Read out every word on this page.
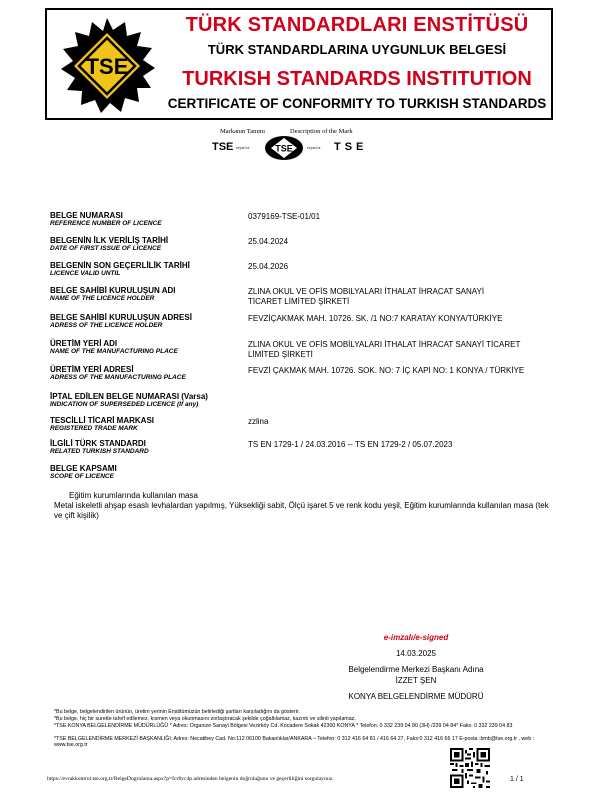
TSE
TÜRK STANDARDLARI ENSTİTÜSÜ
TÜRK STANDARDLARINA UYGUNLUK BELGESİ
TURKISH STANDARDS INSTITUTION
CERTIFICATE OF CONFORMITY TO TURKISH STANDARDS
Markanın Tanımı	Description of the Mark
TSE veya/or	TSE	veya/or TSE
BELGE NUMARASI
REFERENCE NUMBER OF LICENCE
0379169-TSE-01/01
BELGENİN İLK VERİLİŞ TARİHİ
DATE OF FIRST ISSUE OF LICENCE
25.04.2024
BELGENİN SON GEÇERLİLİK TARİHİ
LICENCE VALID UNTIL
25.04.2026
BELGE SAHİBİ KURULUŞUN ADI
NAME OF THE LICENCE HOLDER
ZLINA OKUL VE OFİS MOBILYALARI İTHALAT İHRACAT SANAYİ TİCARET LİMİTED ŞİRKETİ
BELGE SAHİBİ KURULUŞUN ADRESİ
ADRESS OF THE LICENCE HOLDER
FEVZİÇAKMAK MAH. 10726. SK. /1 NO:7 KARATAY KONYA/TÜRKİYE
ÜRETİM YERİ ADI
NAME OF THE MANUFACTURING PLACE
ZLINA OKUL VE OFİS MOBİLYALARI İTHALAT İHRACAT SANAYİ TİCARET LİMİTED ŞİRKETİ
ÜRETİM YERİ ADRESİ
ADRESS OF THE MANUFACTURING PLACE
FEVZİ ÇAKMAK MAH. 10726. SOK. NO: 7 İÇ KAPI NO: 1 KONYA / TÜRKİYE
İPTAL EDİLEN BELGE NUMARASI (Varsa)
INDICATION OF SUPERSEDED LICENCE (If any)
TESCİLLİ TİCARİ MARKASI
REGISTERED TRADE MARK
zzlina
İLGİLİ TÜRK STANDARDI
RELATED TURKISH STANDARD
TS EN 1729-1 / 24.03.2016 -- TS EN 1729-2 / 05.07.2023
BELGE KAPSAMI
SCOPE OF LICENCE
Eğitim kurumlarında kullanılan masa
Metal iskeletli ahşap esaslı levhalardan yapılmış, Yüksekliği sabit, Ölçü işaret 5 ve renk kodu yeşil, Eğitim kurumlarında kullanılan masa (tek ve çift kişilik)
e-imzalı/e-signed
14.03.2025
Belgelendirme Merkezi Başkanı Adına
İZZET ŞEN
KONYA BELGELENDİRME MÜDÜRÜ
*Bu belge, belgelendirilen ürünün, üretim yerinin Enstitümüzün belirlediği şartları karşıladığını da gösterir.
*Bu belge, hiç bir surette tahrif edilemez, kısmen veya okunmasını zorlaştıracak şekilde çoğaltılamaz, kazıntı ve silinti yapılamaz.
*TSE KONYA BELGELENDİRME MÜDÜRLÜĞÜ * Adres: Organize Sanayi Bölgesi Vezirköy Cd. Kocadere Sokak 42300 KONYA * Telefon: 0 332 239 04 80 (3H) /239 04 84* Faks: 0 332 239 04 83
*TSE BELGELENDİRME MERKEZİ BAŞKANLIĞI; Adres: Necatibey Cad. No:112 06100 Bakanlıklar/ANKARA – Telefon: 0 312 416 64 81 / 416 64 27, Faks:0 312 416 66 17 E-posta :bmb@tse.org.tr , web : www.tse.org.tr
https://evrakkontrol.tse.org.tr/BelgeDogrulama.aspx?p=fcr8yc4p adresinden belgenin doğruluğunu ve geçerliliğini sorgulayınız.	1 / 1
